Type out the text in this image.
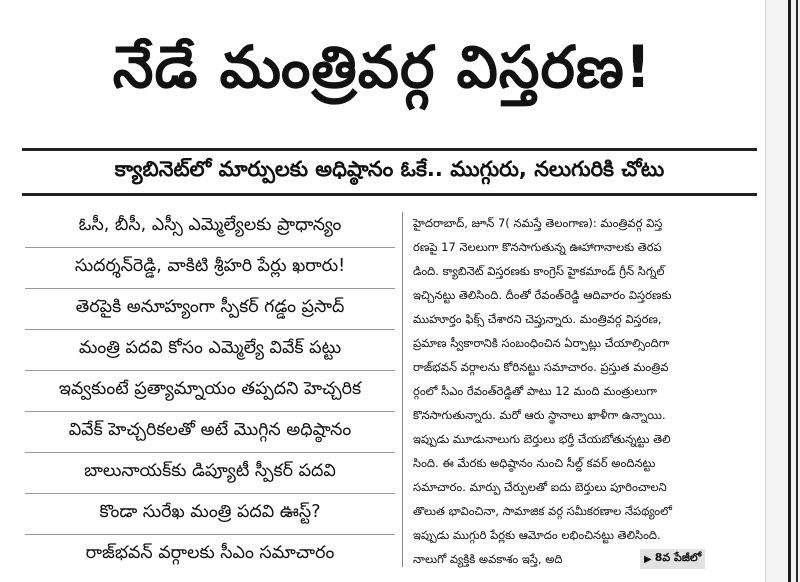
నేడే మంత్రివర్గ విస్తరణ!
క్యాబినెట్‌లో మార్పులకు అధిష్ఠానం ఓకే.. ముగ్గురు, నలుగురికి చోటు
ఓసీ, బీసీ, ఎస్సీ ఎమ్మెల్యేలకు ప్రాధాన్యం
సుదర్శన్‌రెడ్డి, వాకిటి శ్రీహరి పేర్లు ఖరారు!
తెరపైకి అనూహ్యంగా స్పీకర్ గడ్డం ప్రసాద్
మంత్రి పదవి కోసం ఎమ్మెల్యే వివేక్ పట్టు
ఇవ్వకుంటే ప్రత్యామ్నాయం తప్పదని హెచ్చరిక
వివేక్ హెచ్చరికలతో అటే మొగ్గిన అధిష్ఠానం
బాలునాయక్‌కు డిప్యూటీ స్పీకర్ పదవి
కొండా సురేఖ మంత్రి పదవి ఊస్ట్?
రాజ్‌భవన్ వర్గాలకు సీఎం సమాచారం
హైదరాబాద్, జూన్ 7( నమస్తే తెలంగాణ): మంత్రివర్గ విస్త
రణపై 17 నెలలుగా కొనసాగుతున్న ఊహాగానాలకు తెరప
డింది. క్యాబినెట్ విస్తరణకు కాంగ్రెస్ హైకమాండ్ గ్రీన్ సిగ్నల్
ఇచ్చినట్టు తెలిసింది. దీంతో రేవంత్‌రెడ్డి ఆదివారం విస్తరణకు
ముహూర్తం ఫిక్స్ చేశారని చెప్తున్నారు. మంత్రివర్గ విస్తరణ,
ప్రమాణ స్వీకారానికి సంబంధించిన ఏర్పాట్లు చేయాల్సిందిగా
రాజ్‌భవన్ వర్గాలను కోరినట్టు సమాచారం. ప్రస్తుత మంత్రివ
ర్గంలో సీఎం రేవంత్‌రెడ్డితో పాటు 12 మంది మంత్రులుగా
కొనసాగుతున్నారు. మరో ఆరు స్థానాలు ఖాళీగా ఉన్నాయి.
ఇప్పుడు మూడునాలుగు బెర్తులు భర్తీ చేయబోతున్నట్టు తెలి
సింది. ఈ మేరకు అధిష్ఠానం నుంచి సీల్డ్ కవర్ అందినట్టు
సమాచారం. మార్పు చేర్పులతో ఐదు బెర్తులు పూరించాలని
తొలుత భావించినా, సామాజిక వర్గ సమీకరణాల నేపథ్యంలో
ఇప్పుడు ముగ్గురి పేర్లకు ఆమోదం లభించినట్టు తెలిసింది.
నాలుగో వ్యక్తికి అవకాశం ఇస్తే, అది	▶ 8వ పేజీలో
